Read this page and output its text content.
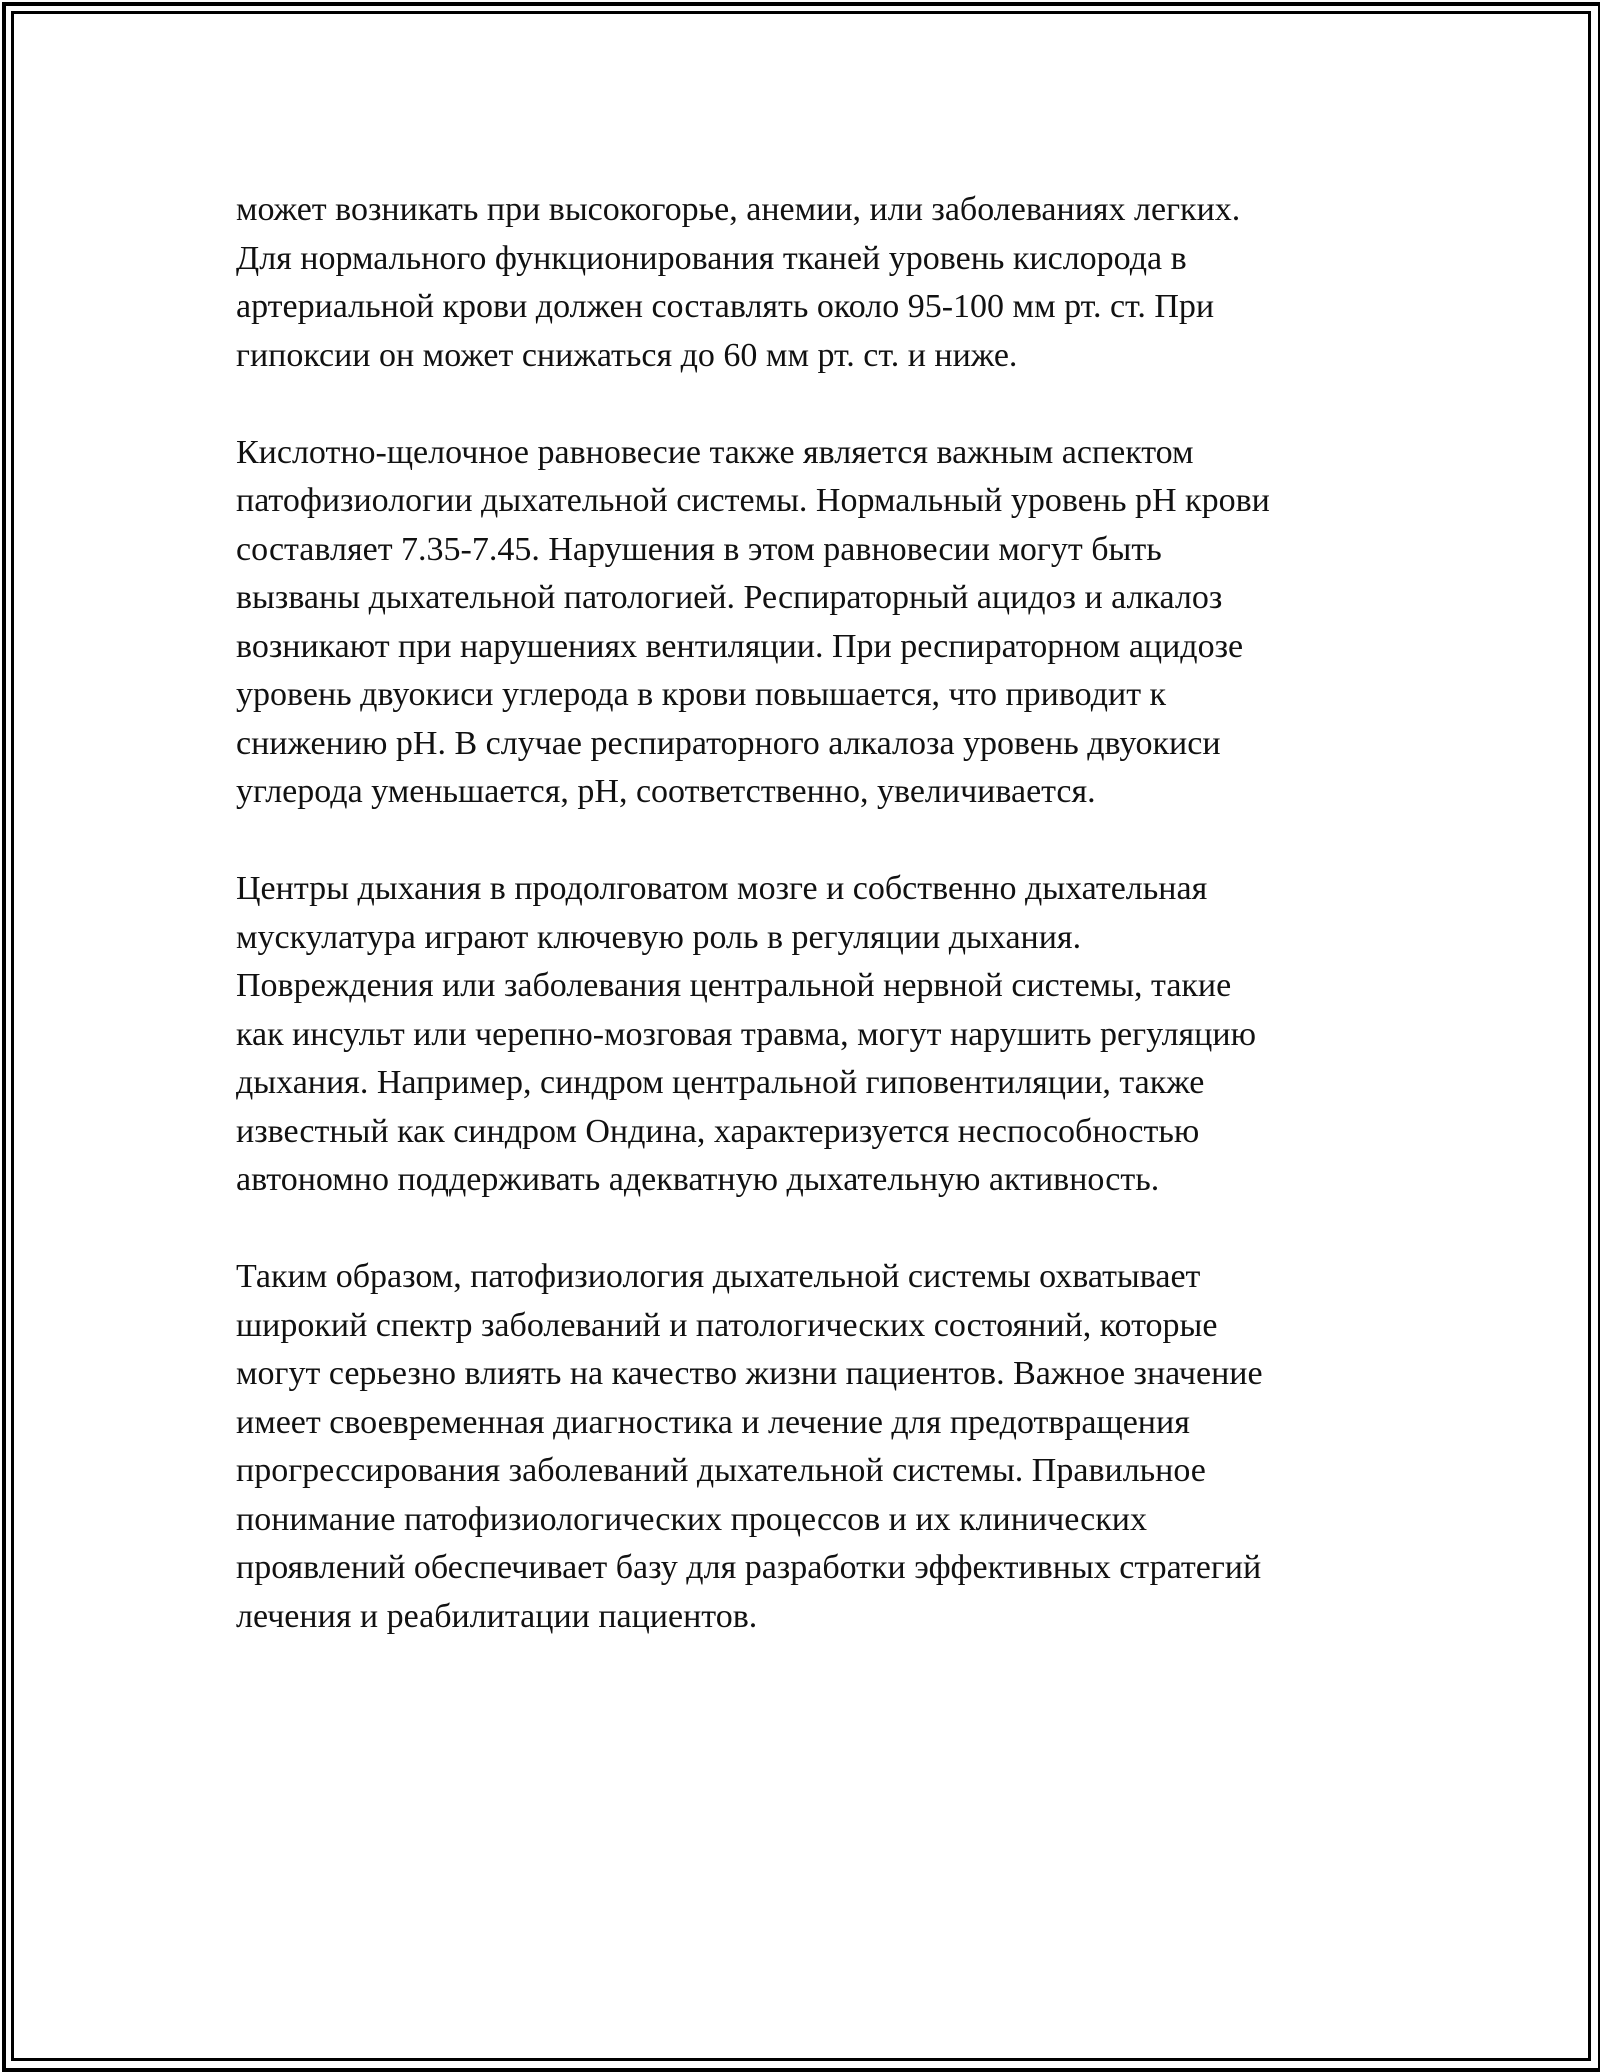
может возникать при высокогорье, анемии, или заболеваниях легких.
Для нормального функционирования тканей уровень кислорода в
артериальной крови должен составлять около 95-100 мм рт. ст. При
гипоксии он может снижаться до 60 мм рт. ст. и ниже.

Кислотно-щелочное равновесие также является важным аспектом
патофизиологии дыхательной системы. Нормальный уровень pH крови
составляет 7.35-7.45. Нарушения в этом равновесии могут быть
вызваны дыхательной патологией. Респираторный ацидоз и алкалоз
возникают при нарушениях вентиляции. При респираторном ацидозе
уровень двуокиси углерода в крови повышается, что приводит к
снижению pH. В случае респираторного алкалоза уровень двуокиси
углерода уменьшается, pH, соответственно, увеличивается.

Центры дыхания в продолговатом мозге и собственно дыхательная
мускулатура играют ключевую роль в регуляции дыхания.
Повреждения или заболевания центральной нервной системы, такие
как инсульт или черепно-мозговая травма, могут нарушить регуляцию
дыхания. Например, синдром центральной гиповентиляции, также
известный как синдром Ондина, характеризуется неспособностью
автономно поддерживать адекватную дыхательную активность.

Таким образом, патофизиология дыхательной системы охватывает
широкий спектр заболеваний и патологических состояний, которые
могут серьезно влиять на качество жизни пациентов. Важное значение
имеет своевременная диагностика и лечение для предотвращения
прогрессирования заболеваний дыхательной системы. Правильное
понимание патофизиологических процессов и их клинических
проявлений обеспечивает базу для разработки эффективных стратегий
лечения и реабилитации пациентов.
